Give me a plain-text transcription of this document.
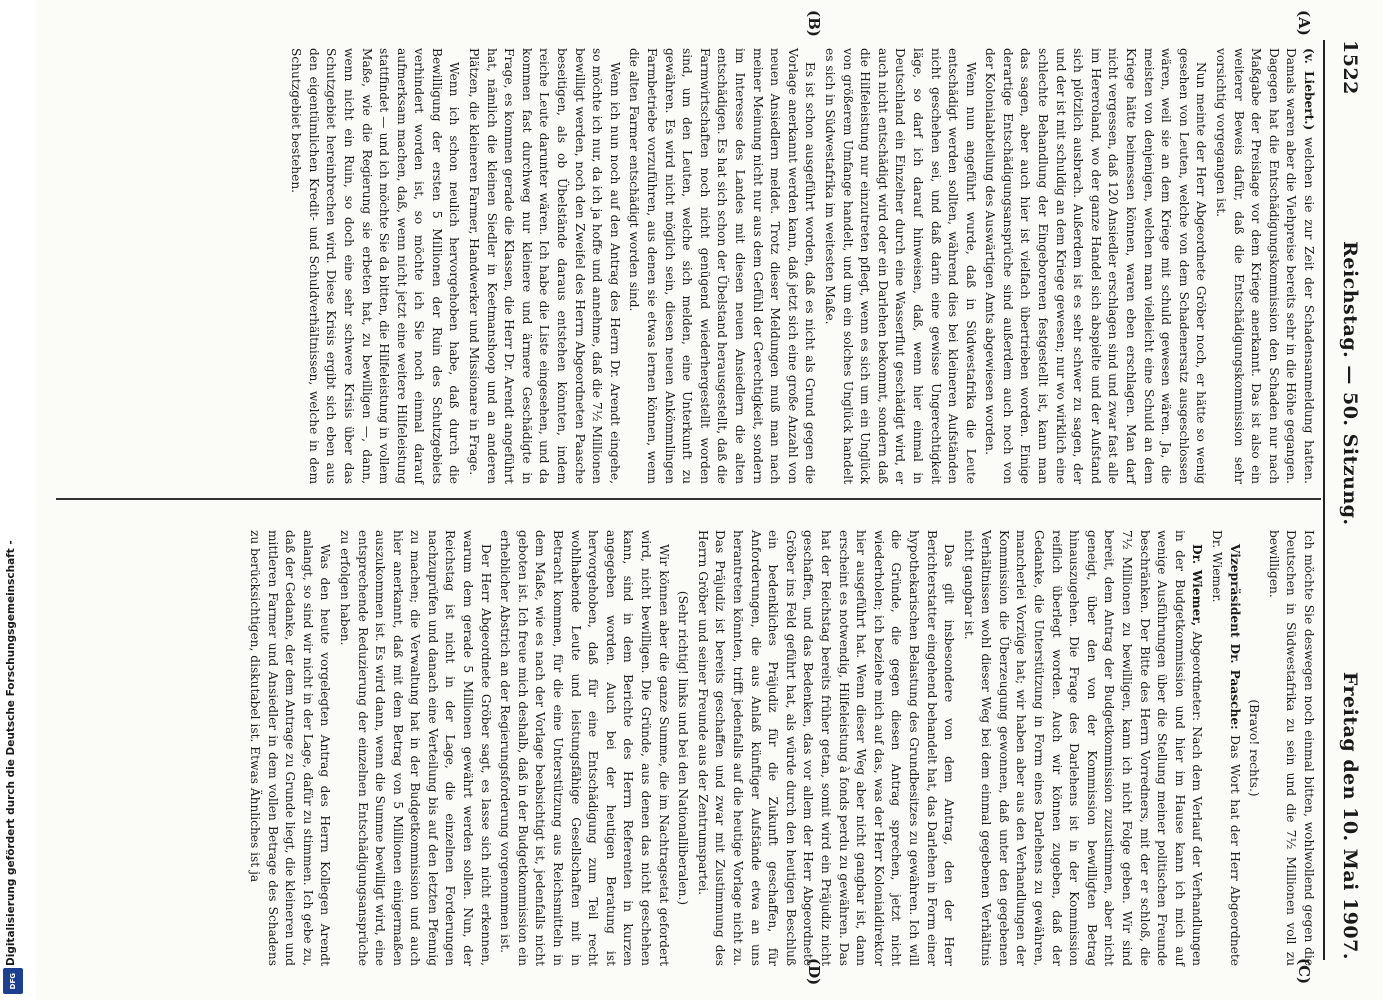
1522
Reichstag. — 50. Sitzung.
Freitag den 10. Mai 1907.
(A)
(B)
(C)
(D)

(v. Liebert.) welchen sie zur Zeit der Schadensanmeldung hatten. Damals waren aber die Viehpreise bereits sehr in die Höhe gegangen. Dagegen hat die Entschädigungskommission den Schaden nur nach Maßgabe der Preislage vor dem Kriege anerkannt. Das ist also ein weiterer Beweis dafür, daß die Entschädigungskommission sehr vorsichtig vorgegangen ist.

Nun meinte der Herr Abgeordnete Gröber noch, er hätte so wenig gesehen von Leuten, welche von dem Schadenersatz ausgeschlossen wären, weil sie an dem Kriege mit schuld gewesen wären. Ja, die meisten von denjenigen, welchen man vielleicht eine Schuld an dem Kriege hätte beimessen können, waren eben erschlagen. Man darf nicht vergessen, daß 120 Ansiedler erschlagen sind und zwar fast alle im Hereroland, wo der ganze Handel sich abspielte und der Aufstand sich plötzlich ausbrach. Außerdem ist es sehr schwer zu sagen, der und der ist mit schuldig an dem Kriege gewesen; nur wo wirklich eine schlechte Behandlung der Eingeborenen festgestellt ist, kann man das sagen, aber auch hier ist vielfach übertrieben worden. Einige derartige Entschädigungsansprüche sind außerdem auch noch von der Kolonialabteilung des Auswärtigen Amts abgewiesen worden.

Wenn nun angeführt wurde, daß in Südwestafrika die Leute entschädigt werden sollten, während dies bei kleineren Aufständen nicht geschehen sei, und daß darin eine gewisse Ungerechtigkeit läge, so darf ich darauf hinweisen, daß, wenn hier einmal in Deutschland ein Einzelner durch eine Wasserflut geschädigt wird, er auch nicht entschädigt wird oder ein Darlehen bekommt, sondern daß die Hilfeleistung nur einzutreten pflegt, wenn es sich um ein Unglück von größerem Umfange handelt, und um ein solches Unglück handelt es sich in Südwestafrika im weitesten Maße.

Es ist schon ausgeführt worden, daß es nicht als Grund gegen die Vorlage anerkannt werden kann, daß jetzt sich eine große Anzahl von neuen Ansiedlern meldet. Trotz dieser Meldungen muß man nach meiner Meinung nicht nur aus dem Gefühl der Gerechtigkeit, sondern im Interesse des Landes mit diesen neuen Ansiedlern die alten entschädigen. Es hat sich schon der Übelstand herausgestellt, daß die Farmwirtschaften noch nicht genügend wiederhergestellt worden sind, um den Leuten, welche sich melden, eine Unterkunft zu gewähren. Es wird nicht möglich sein, diesen neuen Ankömmlingen Farmbetriebe vorzuführen, aus denen sie etwas lernen können, wenn die alten Farmer entschädigt worden sind.

Wenn ich nun noch auf den Antrag des Herrn Dr. Arendt eingehe, so möchte ich nur, da ich ja hoffe und annehme, daß die 7½ Millionen bewilligt werden, noch den Zweifel des Herrn Abgeordneten Paasche beseitigen, als ob Übelstände daraus entstehen könnten, indem reiche Leute darunter wären. Ich habe die Liste eingesehen, und da kommen fast durchweg nur kleinere und ärmere Geschädigte in Frage, es kommen gerade die Klassen, die Herr Dr. Arendt angeführt hat, nämlich die kleinen Siedler in Keetmanshoop und an anderen Plätzen, die kleineren Farmer, Handwerker und Missionare in Frage.

Wenn ich schon neulich hervorgehoben habe, daß durch die Bewilligung der ersten 5 Millionen der Ruin des Schutzgebiets verhindert worden ist, so möchte ich Sie noch einmal darauf aufmerksam machen, daß, wenn nicht jetzt eine weitere Hilfeleistung stattfindet — und ich möchte Sie da bitten, die Hilfeleistung in vollem Maße, wie die Regierung sie erbeten hat, zu bewilligen —, dann, wenn nicht ein Ruin, so doch eine sehr schwere Krisis über das Schutzgebiet hereinbrechen wird. Diese Krisis ergibt sich eben aus den eigentümlichen Kredit- und Schuldverhältnissen, welche in dem Schutzgebiet bestehen.

Ich möchte Sie deswegen noch einmal bitten, wohlwollend gegen die Deutschen in Südwestafrika zu sein und die 7½ Millionen voll zu bewilligen.

(Bravo! rechts.)

Vizepräsident Dr. Paasche: Das Wort hat der Herr Abgeordnete Dr. Wiemer.

Dr. Wiemer, Abgeordneter: Nach dem Verlauf der Verhandlungen in der Budgetkommission und hier im Hause kann ich mich auf wenige Ausführungen über die Stellung meiner politischen Freunde beschränken. Der Bitte des Herrn Vorredners, mit der er schloß, die 7½ Millionen zu bewilligen, kann ich nicht Folge geben. Wir sind bereit, dem Antrag der Budgetkommission zuzustimmen, aber nicht geneigt, über den von der Kommission bewilligten Betrag hinauszugehen. Die Frage des Darlehens ist in der Kommission reiflich überlegt worden. Auch wir können zugeben, daß der Gedanke, die Unterstützung in Form eines Darlehens zu gewähren, mancherlei Vorzüge hat; wir haben aber aus den Verhandlungen der Kommission die Überzeugung gewonnen, daß unter den gegebenen Verhältnissen wohl dieser Weg bei dem einmal gegebenen Verhältnis nicht gangbar ist.

Das gilt insbesondere von dem Antrag, den der Herr Berichterstatter eingehend behandelt hat, das Darlehen in Form einer hypothekarischen Belastung des Grundbesitzes zu gewähren. Ich will die Gründe, die gegen diesen Antrag sprechen, jetzt nicht wiederholen; ich beziehe mich auf das, was der Herr Kolonialdirektor hier ausgeführt hat. Wenn dieser Weg aber nicht gangbar ist, dann erscheint es notwendig, Hilfeleistung à fonds perdu zu gewähren. Das hat der Reichstag bereits früher getan, somit wird ein Präjudiz nicht geschaffen, und das Bedenken, das vor allem der Herr Abgeordnete Gröber ins Feld geführt hat, als würde durch den heutigen Beschluß ein bedenkliches Präjudiz für die Zukunft geschaffen, für Anforderungen, die aus Anlaß künftiger Aufstände etwa an uns herantreten könnten, trifft jedenfalls auf die heutige Vorlage nicht zu. Das Präjudiz ist bereits geschaffen und zwar mit Zustimmung des Herrn Gröber und seiner Freunde aus der Zentrumspartei.

(Sehr richtig! links und bei den Nationalliberalen.)

Wir können aber die ganze Summe, die im Nachtragsetat gefordert wird, nicht bewilligen. Die Gründe, aus denen das nicht geschehen kann, sind in dem Berichte des Herrn Referenten in kurzen angegeben worden. Auch bei der heutigen Beratung ist hervorgehoben, daß für eine Entschädigung zum Teil recht wohlhabende Leute und leistungsfähige Gesellschaften mit in Betracht kommen, für die eine Unterstützung aus Reichsmitteln in dem Maße, wie es nach der Vorlage beabsichtigt ist, jedenfalls nicht geboten ist. Ich freue mich deshalb, daß in der Budgetkommission ein erheblicher Abstrich an der Regierungsforderung vorgenommen ist.

Der Herr Abgeordnete Gröber sagt, es lasse sich nicht erkennen, warum dem gerade 5 Millionen gewährt werden sollen. Nun, der Reichstag ist nicht in der Lage, die einzelnen Forderungen nachzuprüfen und danach eine Verteilung bis auf den letzten Pfennig zu machen; die Verwaltung hat in der Budgetkommission und auch hier anerkannt, daß mit dem Betrag von 5 Millionen einigermaßen auszukommen ist. Es wird dann, wenn die Summe bewilligt wird, eine entsprechende Reduzierung der einzelnen Entschädigungsansprüche zu erfolgen haben.

Was den heute vorgelegten Antrag des Herrn Kollegen Arendt anlangt, so sind wir nicht in der Lage, dafür zu stimmen. Ich gebe zu, daß der Gedanke, der dem Antrage zu Grunde liegt, die kleineren und mittleren Farmer und Ansiedler in dem vollen Betrage des Schadens zu berücksichtigen, diskutabel ist. Etwas Ähnliches ist ja

Digitalisierung gefördert durch die Deutsche Forschungsgemeinschaft -
DFG
